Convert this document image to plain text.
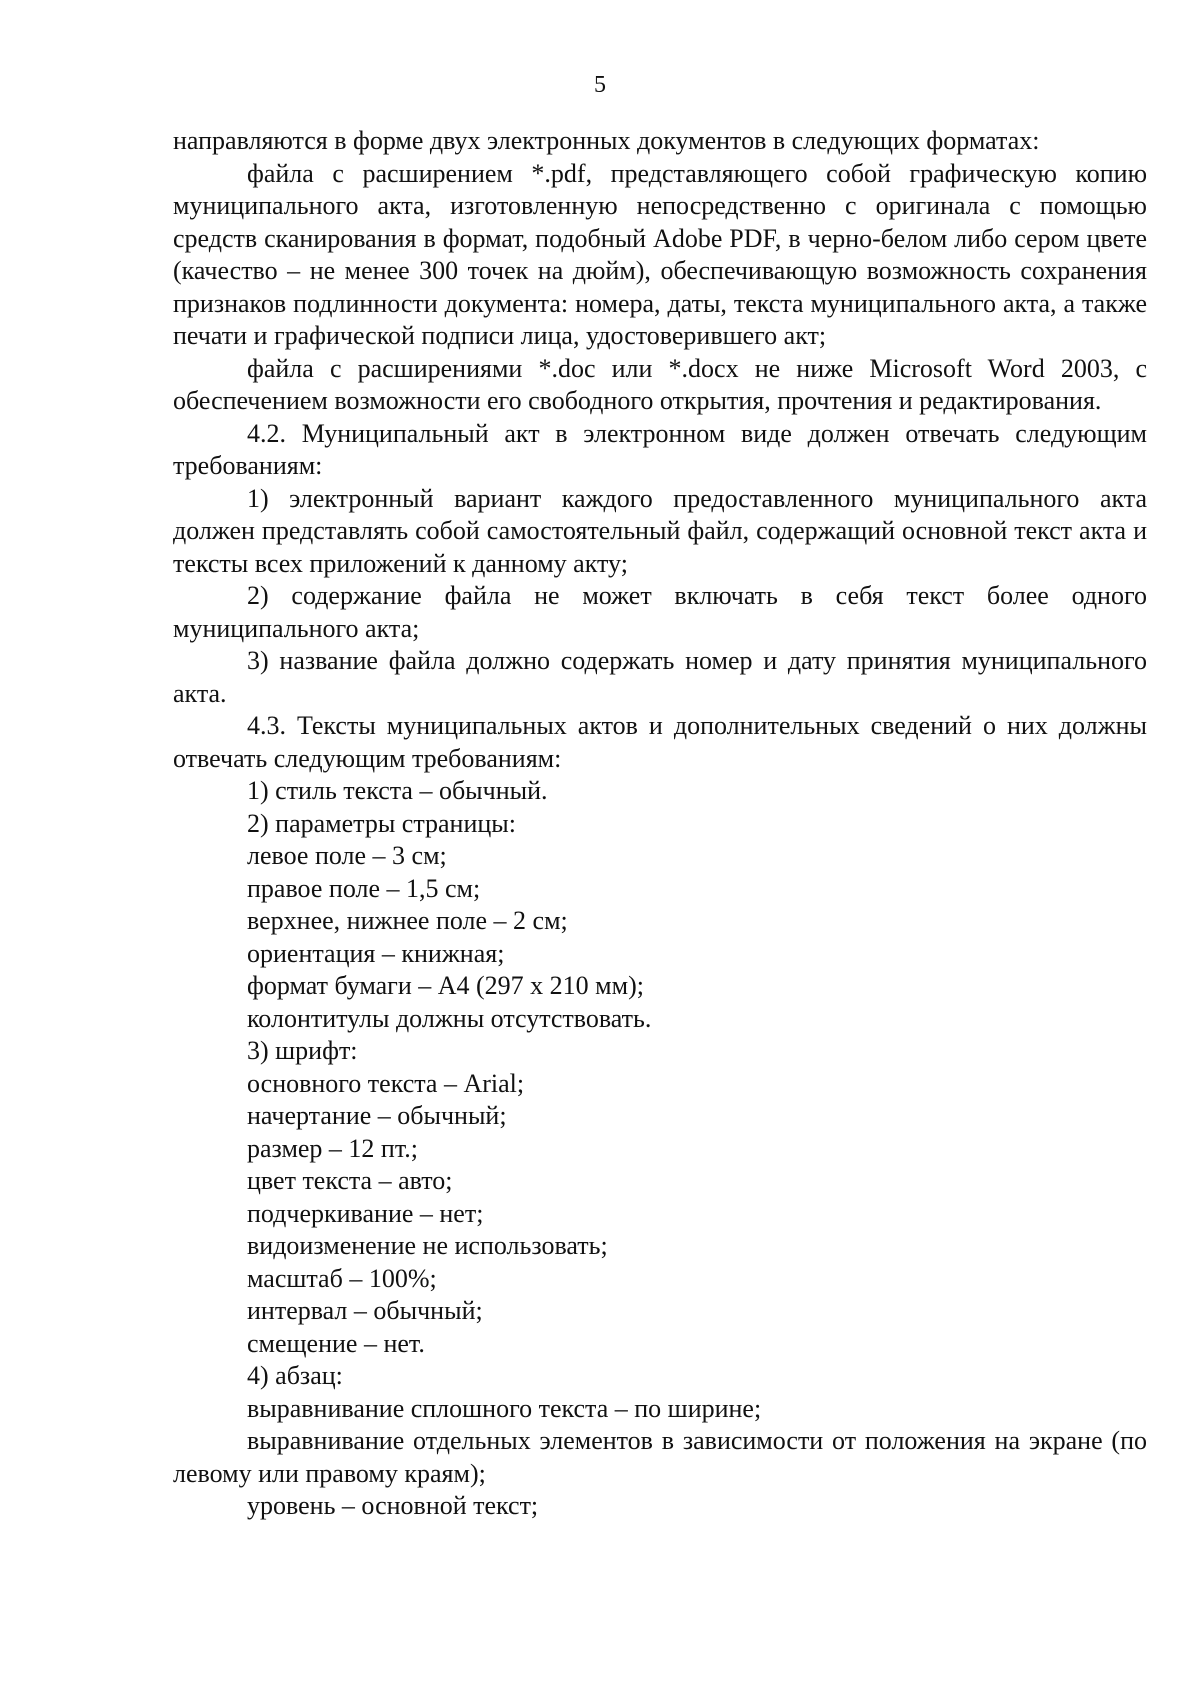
5

направляются в форме двух электронных документов в следующих форматах:

файла с расширением *.pdf, представляющего собой графическую копию муниципального акта, изготовленную непосредственно с оригинала с помощью средств сканирования в формат, подобный Adobe PDF, в черно-белом либо сером цвете (качество – не менее 300 точек на дюйм), обеспечивающую возможность сохранения признаков подлинности документа: номера, даты, текста муниципального акта, а также печати и графической подписи лица, удостоверившего акт;

файла с расширениями *.doc или *.docx не ниже Microsoft Word 2003, с обеспечением возможности его свободного открытия, прочтения и редактирования.

4.2. Муниципальный акт в электронном виде должен отвечать следующим требованиям:

1) электронный вариант каждого предоставленного муниципального акта должен представлять собой самостоятельный файл, содержащий основной текст акта и тексты всех приложений к данному акту;

2) содержание файла не может включать в себя текст более одного муниципального акта;

3) название файла должно содержать номер и дату принятия муниципального акта.

4.3. Тексты муниципальных актов и дополнительных сведений о них должны отвечать следующим требованиям:

1) стиль текста – обычный.

2) параметры страницы:

левое поле – 3 см;

правое поле – 1,5 см;

верхнее, нижнее поле – 2 см;

ориентация – книжная;

формат бумаги – А4 (297 х 210 мм);

колонтитулы должны отсутствовать.

3) шрифт:

основного текста – Arial;

начертание – обычный;

размер – 12 пт.;

цвет текста – авто;

подчеркивание – нет;

видоизменение не использовать;

масштаб – 100%;

интервал – обычный;

смещение – нет.

4) абзац:

выравнивание сплошного текста – по ширине;

выравнивание отдельных элементов в зависимости от положения на экране (по левому или правому краям);

уровень – основной текст;
